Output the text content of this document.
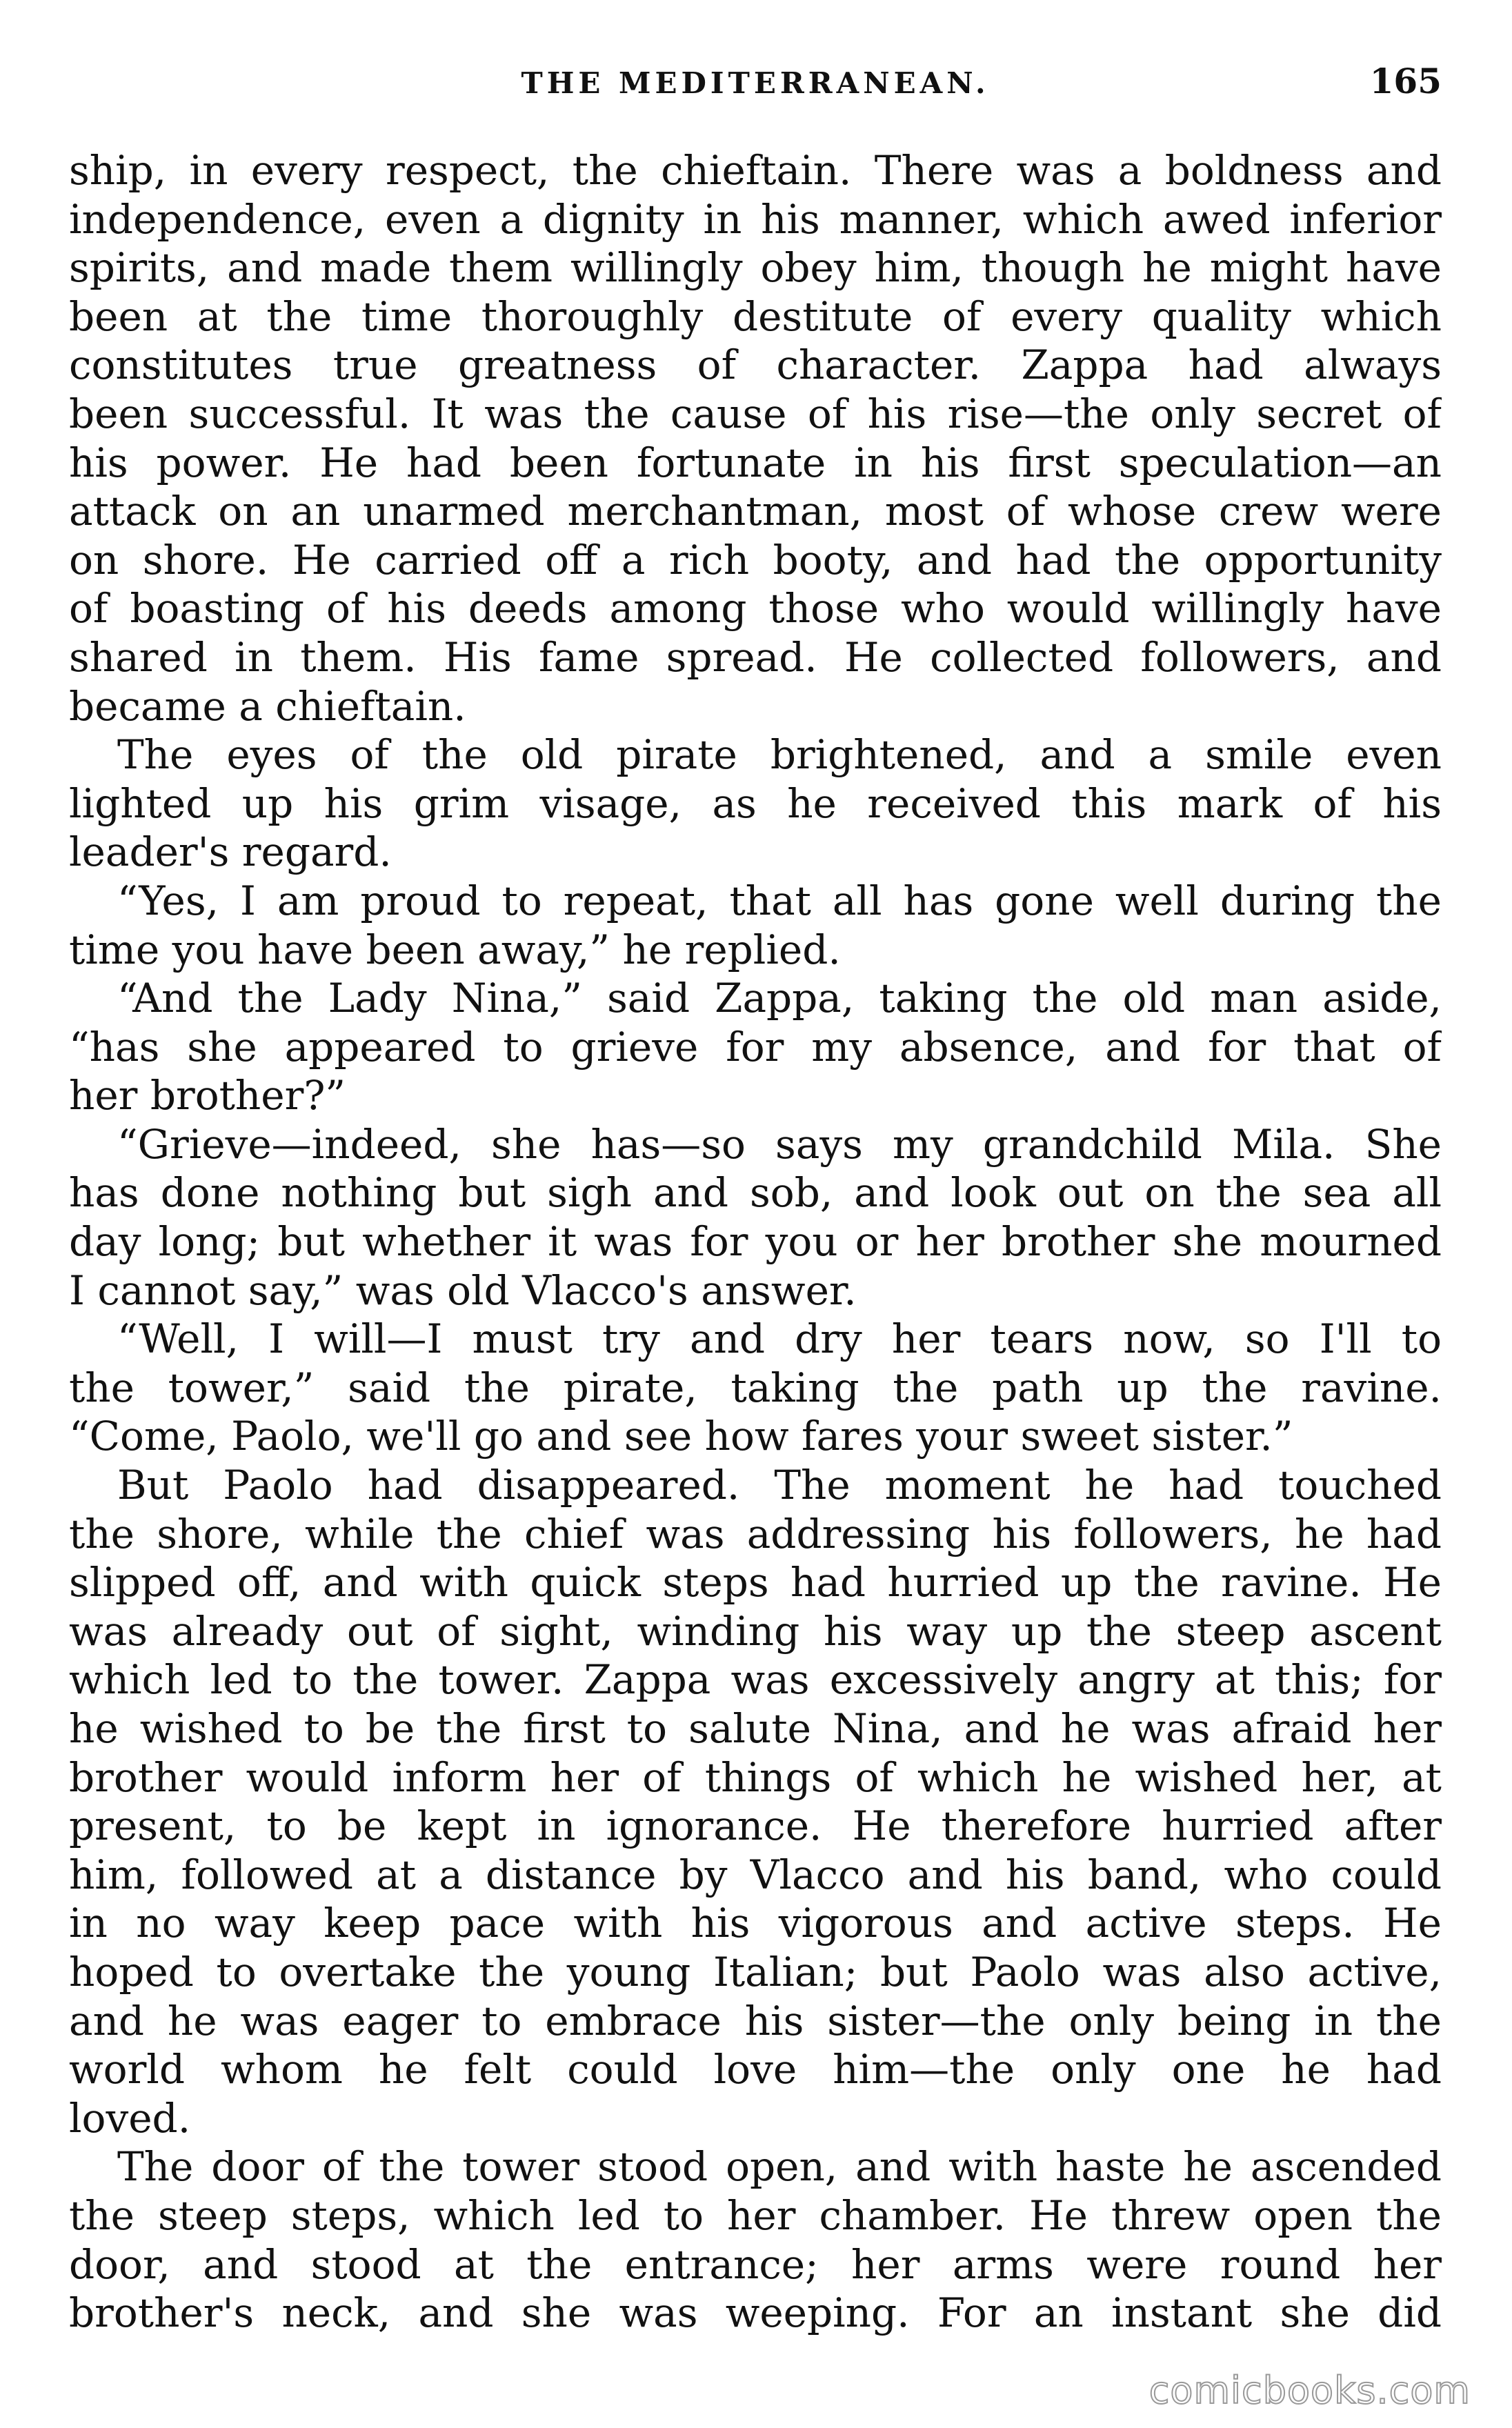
THE MEDITERRANEAN.	165
ship, in every respect, the chieftain. There was a boldness and
independence, even a dignity in his manner, which awed inferior
spirits, and made them willingly obey him, though he might have
been at the time thoroughly destitute of every quality which
constitutes true greatness of character. Zappa had always
been successful. It was the cause of his rise—the only secret of
his power. He had been fortunate in his first speculation—an
attack on an unarmed merchantman, most of whose crew were
on shore. He carried off a rich booty, and had the opportunity
of boasting of his deeds among those who would willingly have
shared in them. His fame spread. He collected followers, and
became a chieftain.
The eyes of the old pirate brightened, and a smile even
lighted up his grim visage, as he received this mark of his
leader's regard.
“Yes, I am proud to repeat, that all has gone well during the
time you have been away,” he replied.
“And the Lady Nina,” said Zappa, taking the old man aside,
“has she appeared to grieve for my absence, and for that of
her brother?”
“Grieve—indeed, she has—so says my grandchild Mila. She
has done nothing but sigh and sob, and look out on the sea all
day long; but whether it was for you or her brother she mourned
I cannot say,” was old Vlacco's answer.
“Well, I will—I must try and dry her tears now, so I'll to
the tower,” said the pirate, taking the path up the ravine.
“Come, Paolo, we'll go and see how fares your sweet sister.”
But Paolo had disappeared. The moment he had touched
the shore, while the chief was addressing his followers, he had
slipped off, and with quick steps had hurried up the ravine. He
was already out of sight, winding his way up the steep ascent
which led to the tower. Zappa was excessively angry at this; for
he wished to be the first to salute Nina, and he was afraid her
brother would inform her of things of which he wished her, at
present, to be kept in ignorance. He therefore hurried after
him, followed at a distance by Vlacco and his band, who could
in no way keep pace with his vigorous and active steps. He
hoped to overtake the young Italian; but Paolo was also active,
and he was eager to embrace his sister—the only being in the
world whom he felt could love him—the only one he had
loved.
The door of the tower stood open, and with haste he ascended
the steep steps, which led to her chamber. He threw open the
door, and stood at the entrance; her arms were round her
brother's neck, and she was weeping. For an instant she did
comicbooks.com
